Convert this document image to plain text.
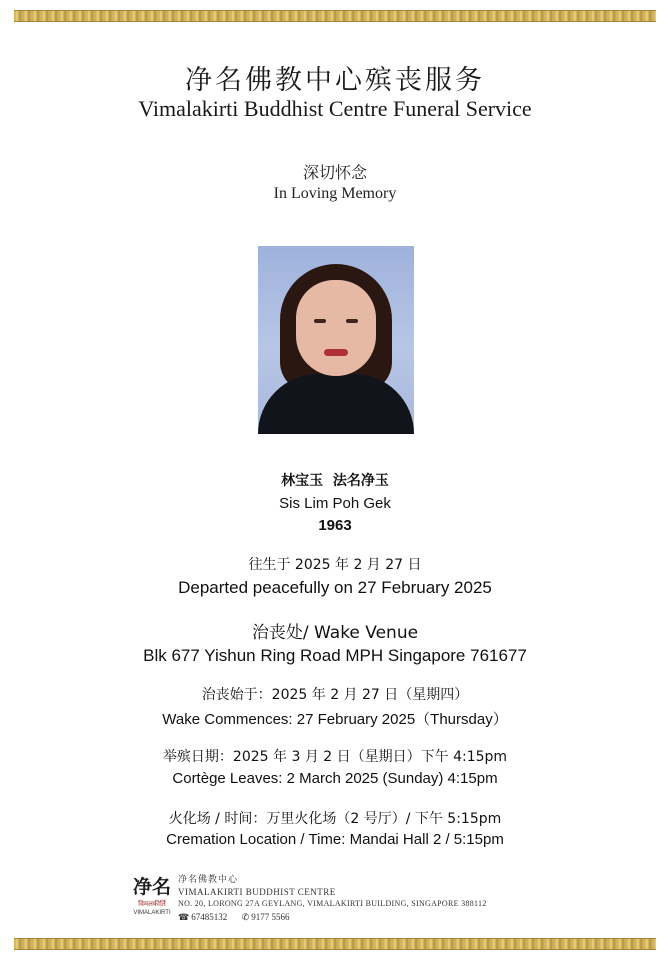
净名佛教中心殡丧服务
Vimalakirti Buddhist Centre Funeral Service
深切怀念
In Loving Memory
林宝玉  法名净玉
Sis Lim Poh Gek
1963
往生于 2025 年 2 月 27 日
Departed peacefully on 27 February 2025
治丧处/ Wake Venue
Blk 677 Yishun Ring Road MPH Singapore 761677
治丧始于：2025 年 2 月 27 日（星期四）
Wake Commences: 27 February 2025（Thursday）
举殡日期：2025 年 3 月 2 日（星期日）下午 4:15pm
Cortège Leaves: 2 March 2025 (Sunday) 4:15pm
火化场 / 时间：万里火化场（2 号厅）/ 下午 5:15pm
Cremation Location / Time: Mandai Hall 2 / 5:15pm
净名
विमलकीर्ति
VIMALAKIRTI
净名佛教中心
VIMALAKIRTI BUDDHIST CENTRE
NO. 20, LORONG 27A GEYLANG, VIMALAKIRTI BUILDING, SINGAPORE 388112
☎ 67485132 ✆ 9177 5566
